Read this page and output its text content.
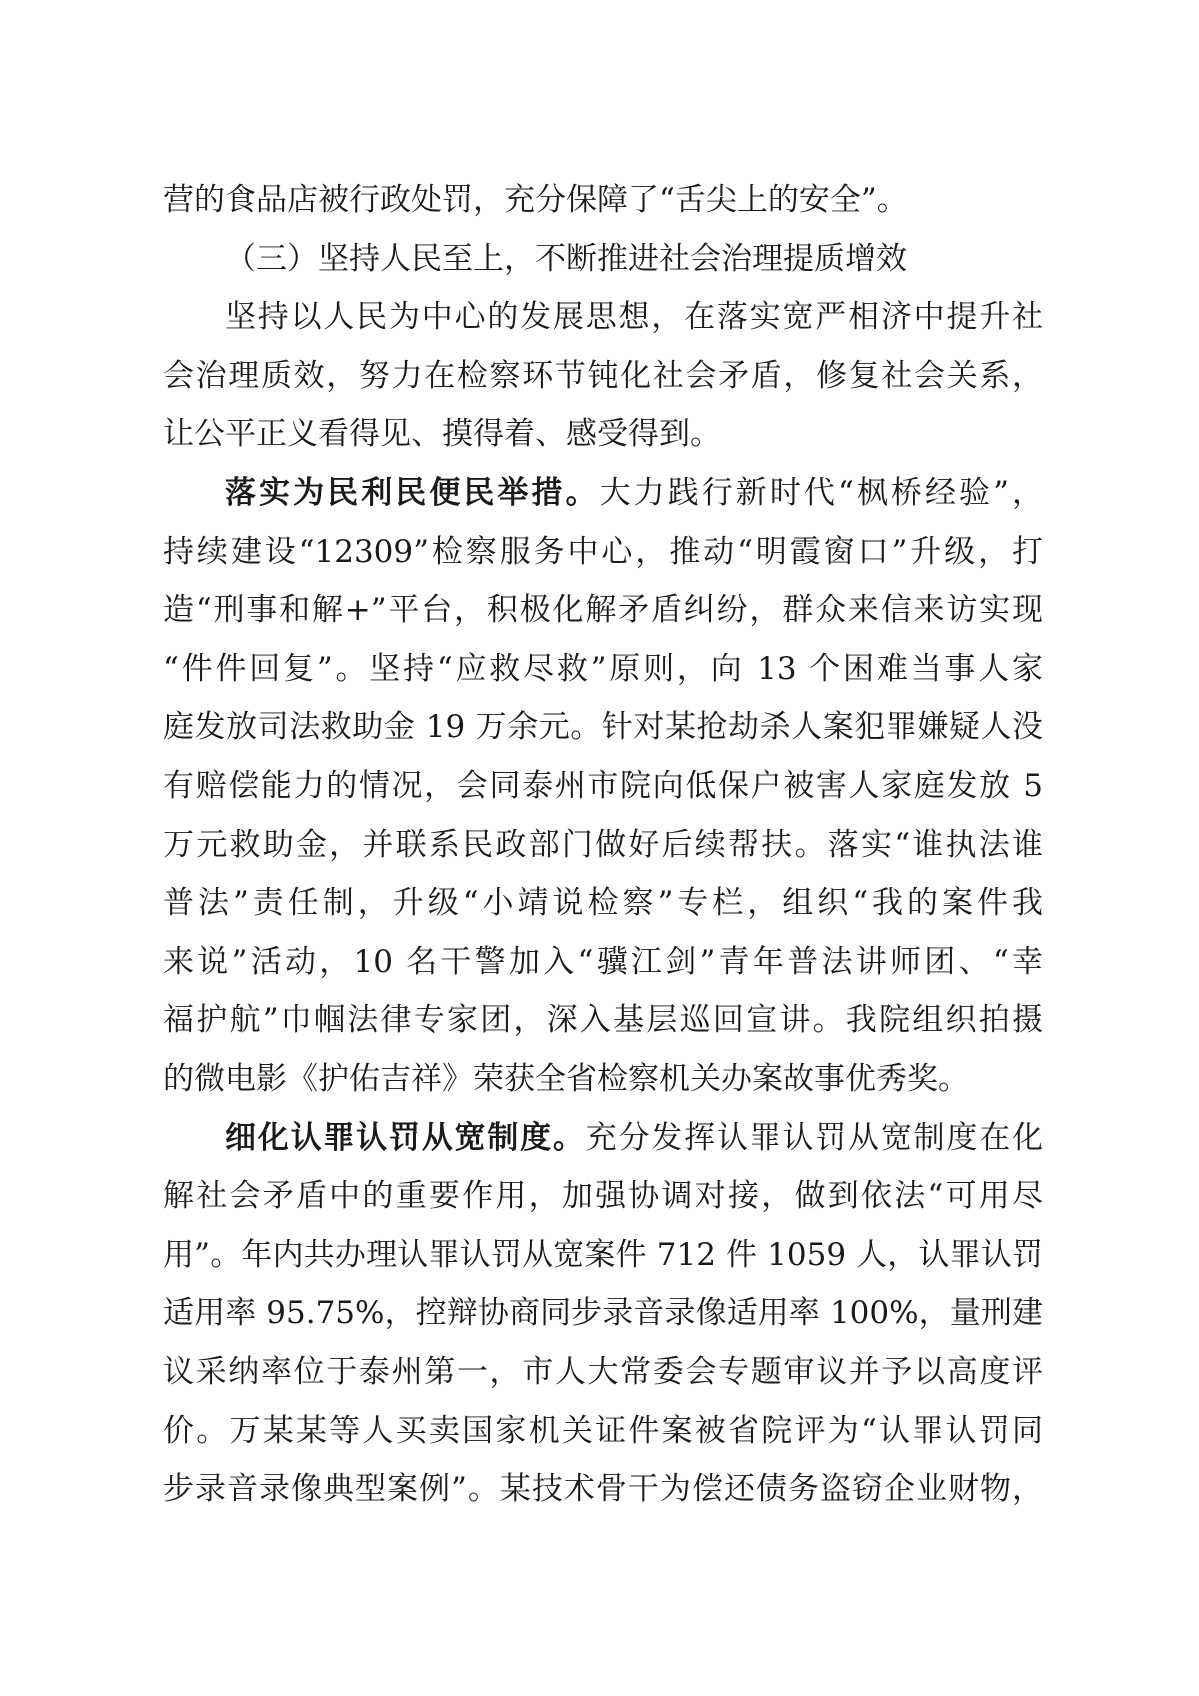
营的食品店被行政处罚，充分保障了“舌尖上的安全”。
（三）坚持人民至上，不断推进社会治理提质增效
坚持以人民为中心的发展思想，在落实宽严相济中提升社
会治理质效，努力在检察环节钝化社会矛盾，修复社会关系，
让公平正义看得见、摸得着、感受得到。
落实为民利民便民举措。大力践行新时代“枫桥经验”，
持续建设“12309”检察服务中心，推动“明霞窗口”升级，打
造“刑事和解+”平台，积极化解矛盾纠纷，群众来信来访实现
“件件回复”。坚持“应救尽救”原则，向 13 个困难当事人家
庭发放司法救助金 19 万余元。针对某抢劫杀人案犯罪嫌疑人没
有赔偿能力的情况，会同泰州市院向低保户被害人家庭发放 5
万元救助金，并联系民政部门做好后续帮扶。落实“谁执法谁
普法”责任制，升级“小靖说检察”专栏，组织“我的案件我
来说”活动，10 名干警加入“骥江剑”青年普法讲师团、“幸
福护航”巾帼法律专家团，深入基层巡回宣讲。我院组织拍摄
的微电影《护佑吉祥》荣获全省检察机关办案故事优秀奖。
细化认罪认罚从宽制度。充分发挥认罪认罚从宽制度在化
解社会矛盾中的重要作用，加强协调对接，做到依法“可用尽
用”。年内共办理认罪认罚从宽案件 712 件 1059 人，认罪认罚
适用率 95.75%，控辩协商同步录音录像适用率 100%，量刑建
议采纳率位于泰州第一，市人大常委会专题审议并予以高度评
价。万某某等人买卖国家机关证件案被省院评为“认罪认罚同
步录音录像典型案例”。某技术骨干为偿还债务盗窃企业财物，
